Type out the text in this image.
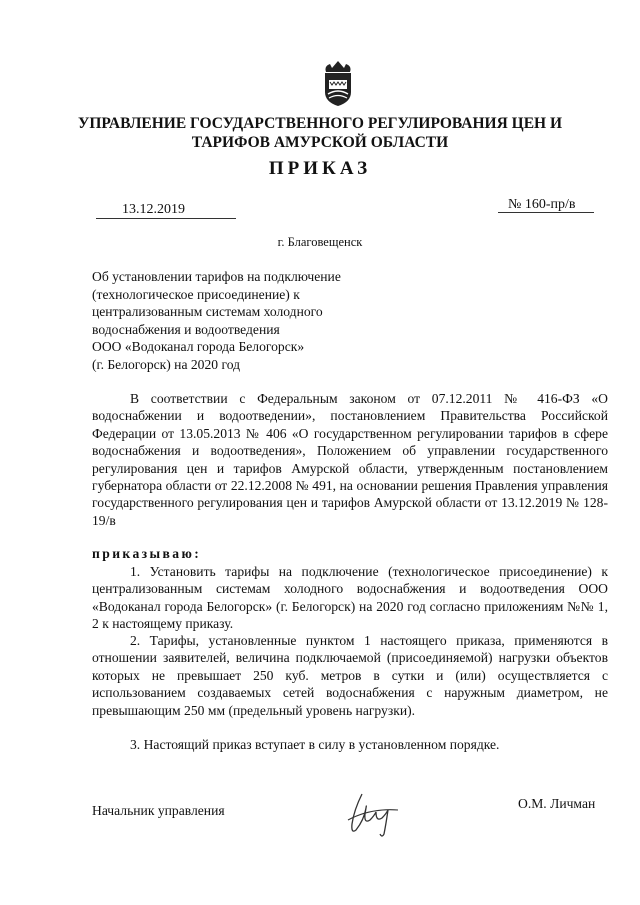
УПРАВЛЕНИЕ ГОСУДАРСТВЕННОГО РЕГУЛИРОВАНИЯ ЦЕН И
ТАРИФОВ АМУРСКОЙ ОБЛАСТИ
ПРИКАЗ
13.12.2019	№ 160-пр/в
г. Благовещенск
Об установлении тарифов на подключение
(технологическое присоединение) к
централизованным системам холодного
водоснабжения и водоотведения
ООО «Водоканал города Белогорск»
(г. Белогорск) на 2020 год
В соответствии с Федеральным законом от 07.12.2011 № 416-ФЗ «О водоснабжении и водоотведении», постановлением Правительства Российской Федерации от 13.05.2013 № 406 «О государственном регулировании тарифов в сфере водоснабжения и водоотведения», Положением об управлении государственного регулирования цен и тарифов Амурской области, утвержденным постановлением губернатора области от 22.12.2008 № 491, на основании решения Правления управления государственного регулирования цен и тарифов Амурской области от 13.12.2019 № 128-19/в
приказываю:
1. Установить тарифы на подключение (технологическое присоединение) к централизованным системам холодного водоснабжения и водоотведения ООО «Водоканал города Белогорск» (г. Белогорск) на 2020 год согласно приложениям №№ 1, 2 к настоящему приказу.
2. Тарифы, установленные пунктом 1 настоящего приказа, применяются в отношении заявителей, величина подключаемой (присоединяемой) нагрузки объектов которых не превышает 250 куб. метров в сутки и (или) осуществляется с использованием создаваемых сетей водоснабжения с наружным диаметром, не превышающим 250 мм (предельный уровень нагрузки).
3. Настоящий приказ вступает в силу в установленном порядке.
Начальник управления	О.М. Личман
